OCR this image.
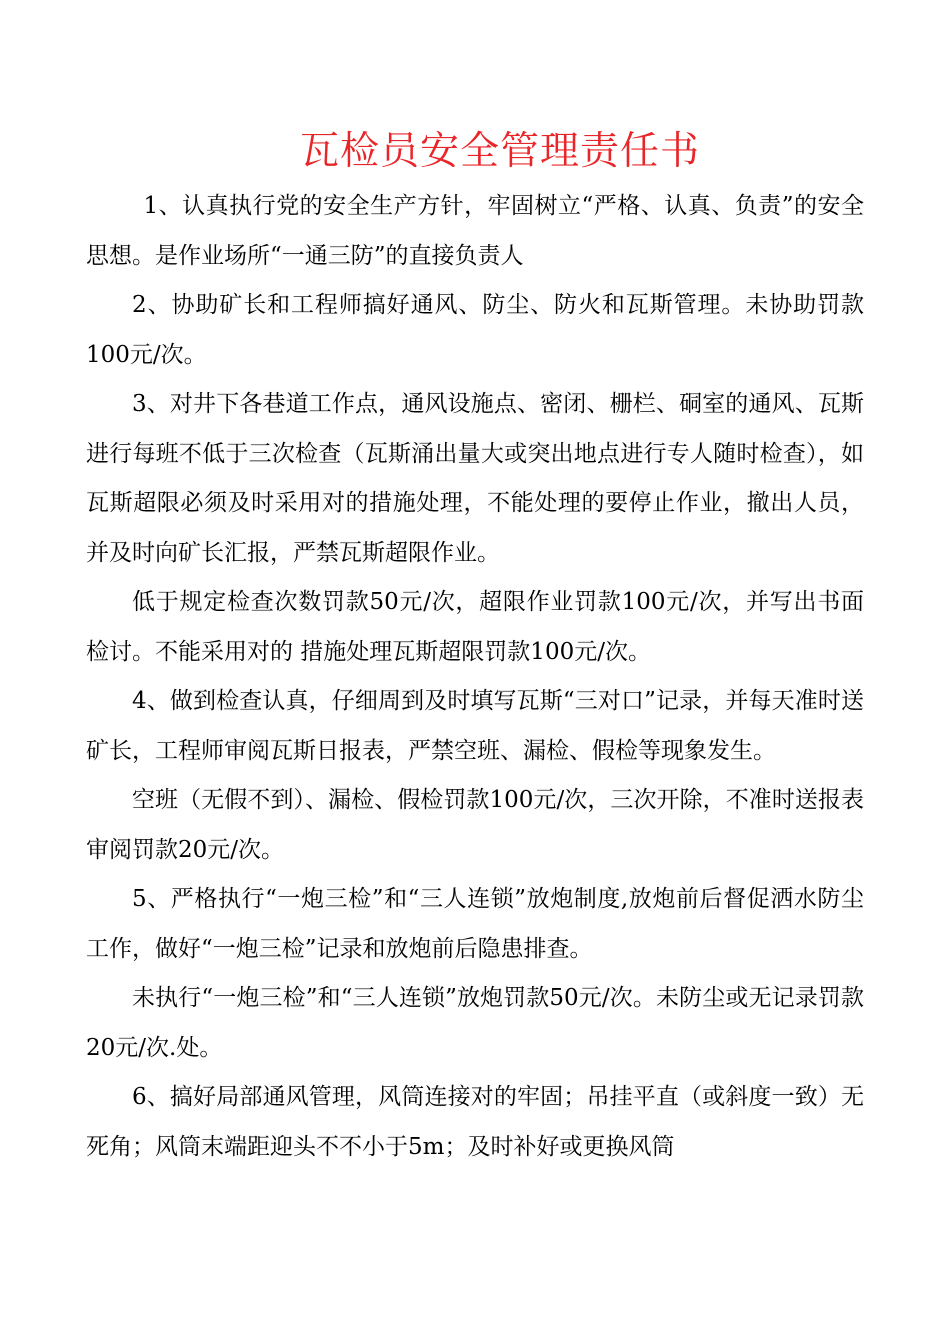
瓦检员安全管理责任书

1、认真执行党的安全生产方针，牢固树立“严格、认真、负责”的安全思想。是作业场所“一通三防”的直接负责人

2、协助矿长和工程师搞好通风、防尘、防火和瓦斯管理。未协助罚款100元/次。

3、对井下各巷道工作点，通风设施点、密闭、栅栏、硐室的通风、瓦斯进行每班不低于三次检查（瓦斯涌出量大或突出地点进行专人随时检查），如瓦斯超限必须及时采用对的措施处理，不能处理的要停止作业，撤出人员，并及时向矿长汇报，严禁瓦斯超限作业。

低于规定检查次数罚款50元/次，超限作业罚款100元/次，并写出书面检讨。不能采用对的 措施处理瓦斯超限罚款100元/次。

4、做到检查认真，仔细周到及时填写瓦斯“三对口”记录，并每天准时送矿长，工程师审阅瓦斯日报表，严禁空班、漏检、假检等现象发生。

空班（无假不到）、漏检、假检罚款100元/次，三次开除，不准时送报表审阅罚款20元/次。

5、严格执行“一炮三检”和“三人连锁”放炮制度,放炮前后督促洒水防尘工作，做好“一炮三检”记录和放炮前后隐患排查。

未执行“一炮三检”和“三人连锁”放炮罚款50元/次。未防尘或无记录罚款20元/次.处。

6、搞好局部通风管理，风筒连接对的牢固；吊挂平直（或斜度一致）无死角；风筒末端距迎头不不小于5m；及时补好或更换风筒
